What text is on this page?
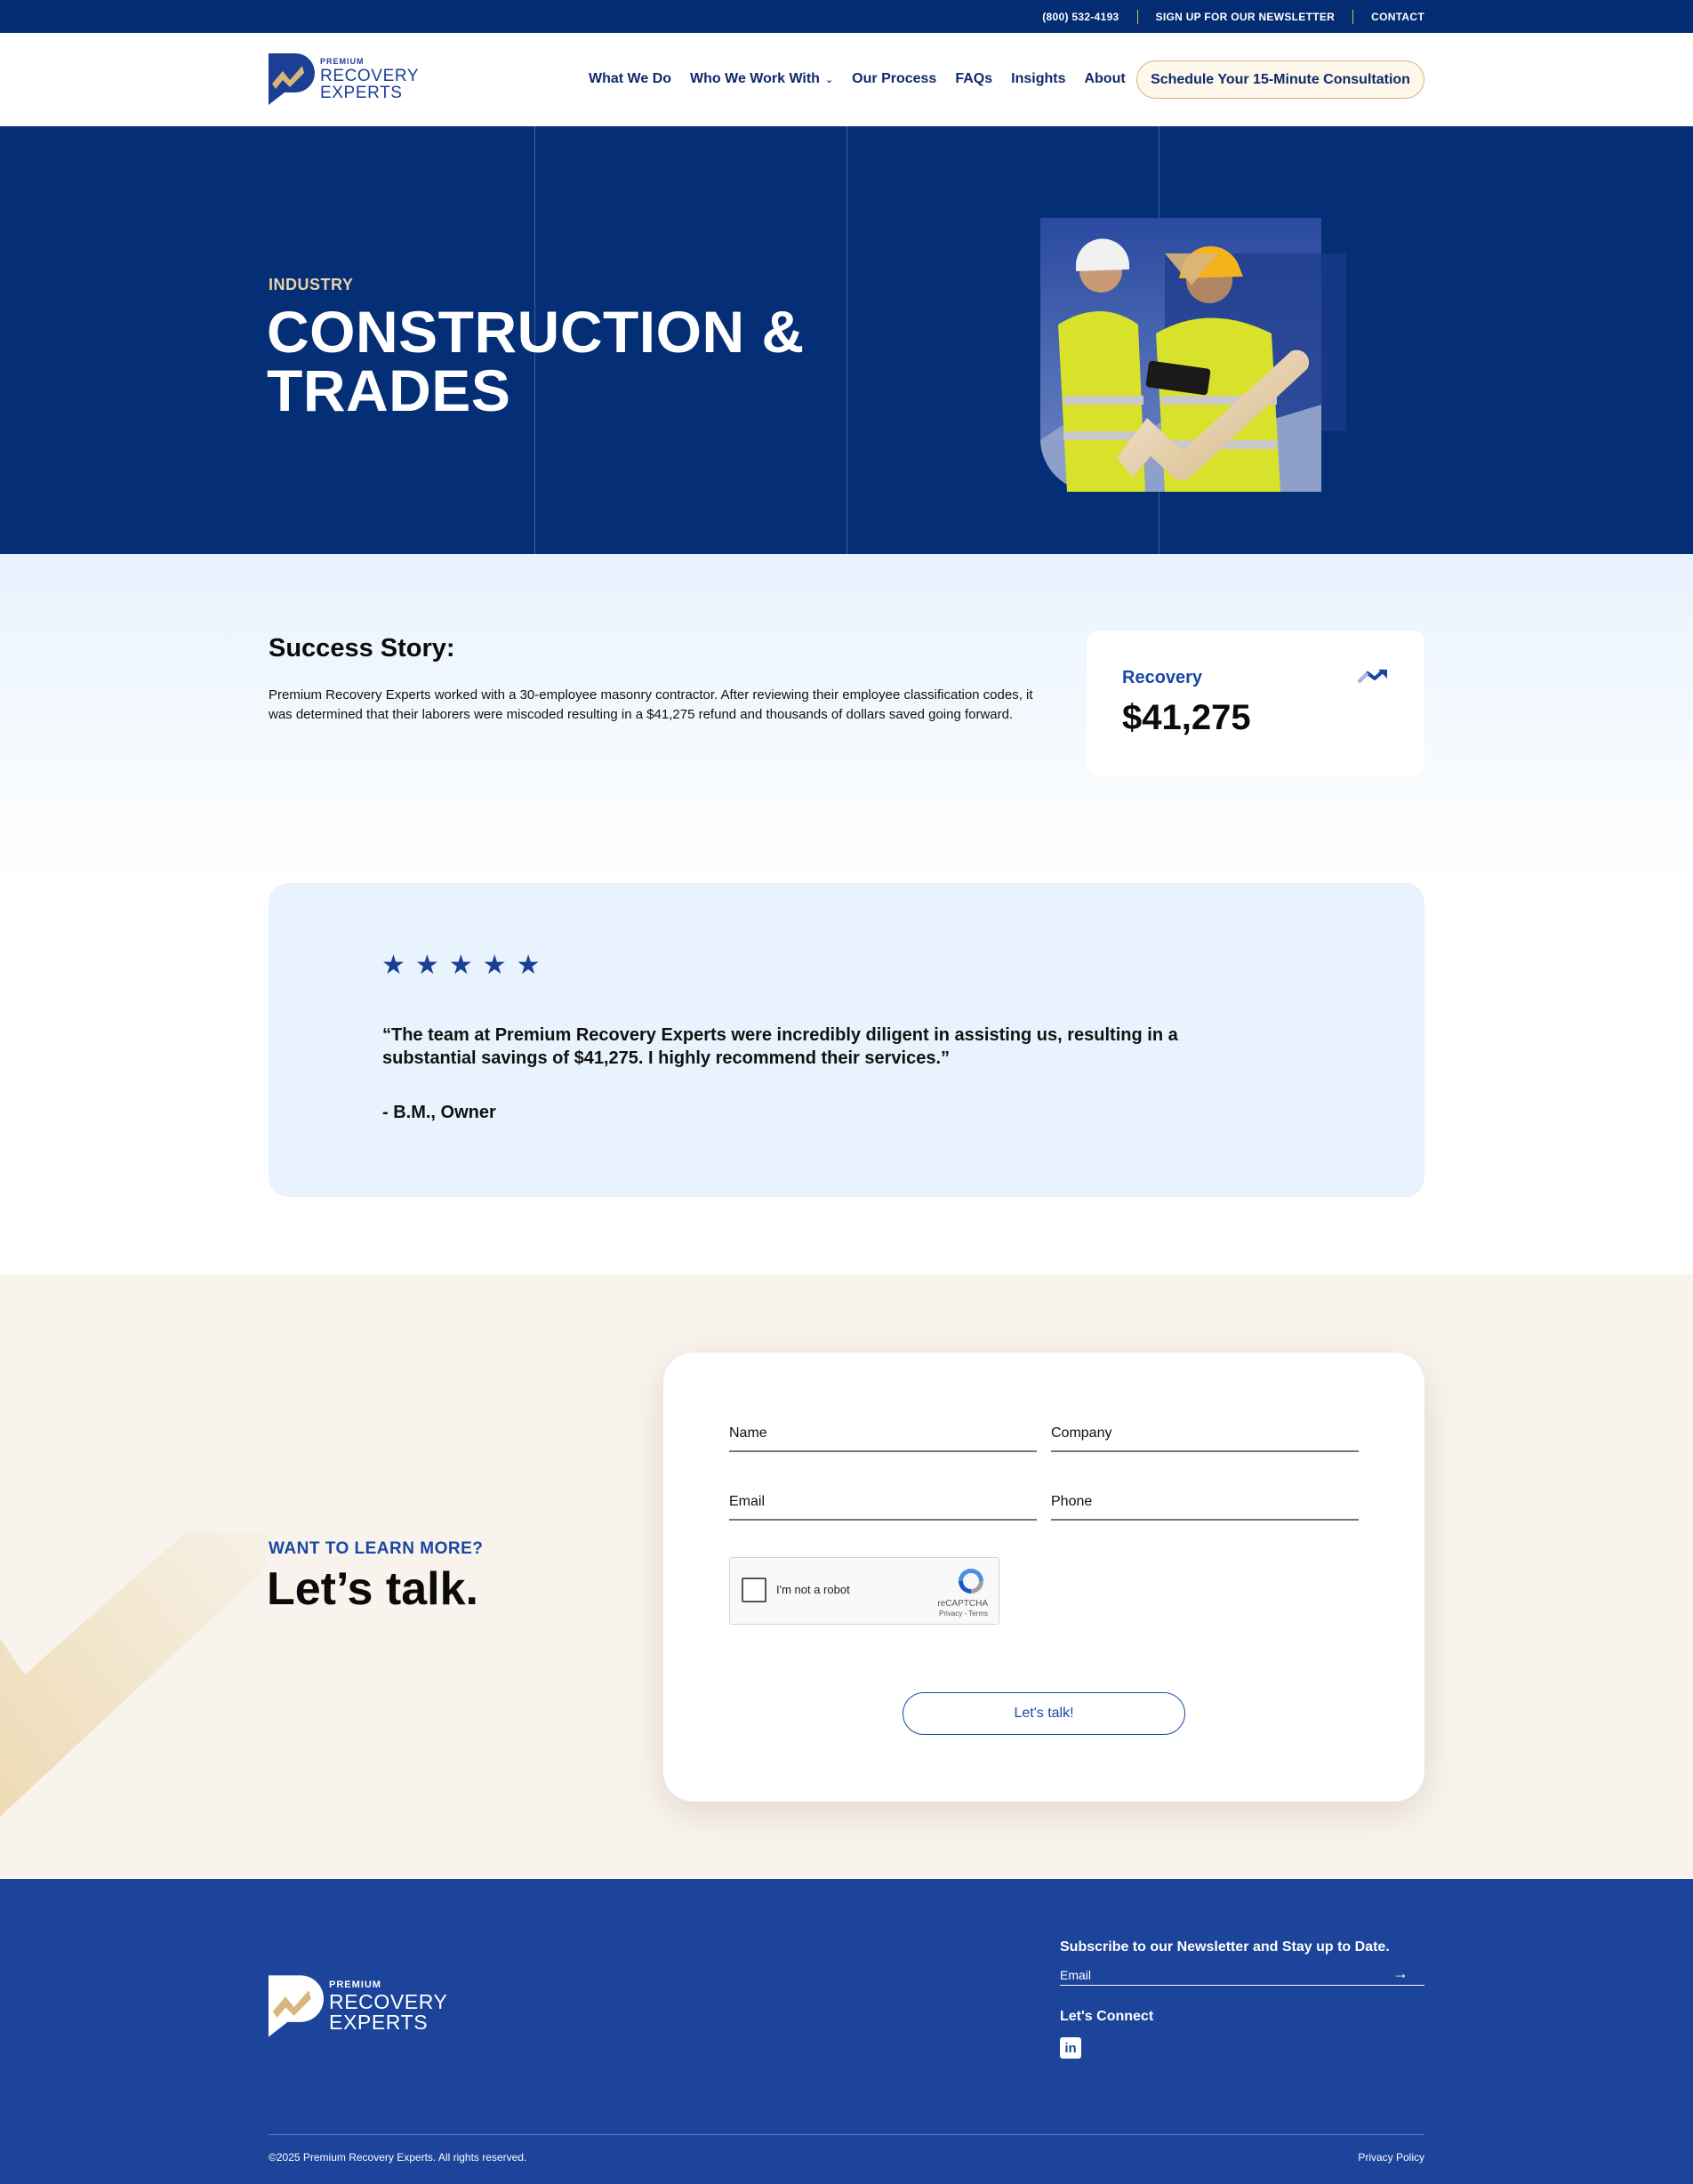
(800) 532-4193	SIGN UP FOR OUR NEWSLETTER	CONTACT
PREMIUM
RECOVERY
EXPERTS
What We Do Who We Work With ⌄ Our Process FAQs Insights About	Schedule Your 15-Minute Consultation
INDUSTRY
CONSTRUCTION &
TRADES
Success Story:
Premium Recovery Experts worked with a 30-employee masonry contractor. After reviewing their employee classification codes, it was determined that their laborers were miscoded resulting in a $41,275 refund and thousands of dollars saved going forward.
Recovery
$41,275
★ ★ ★ ★ ★
“The team at Premium Recovery Experts were incredibly diligent in assisting us, resulting in a substantial savings of $41,275. I highly recommend their services.”
- B.M., Owner
WANT TO LEARN MORE?
Let’s talk.
Name	Company
Email	Phone
I'm not a robot
reCAPTCHA
Privacy - Terms
Let's talk!
PREMIUM
RECOVERY
EXPERTS
Subscribe to our Newsletter and Stay up to Date.
Email	→
Let's Connect
in
©2025 Premium Recovery Experts. All rights reserved.	Privacy Policy
